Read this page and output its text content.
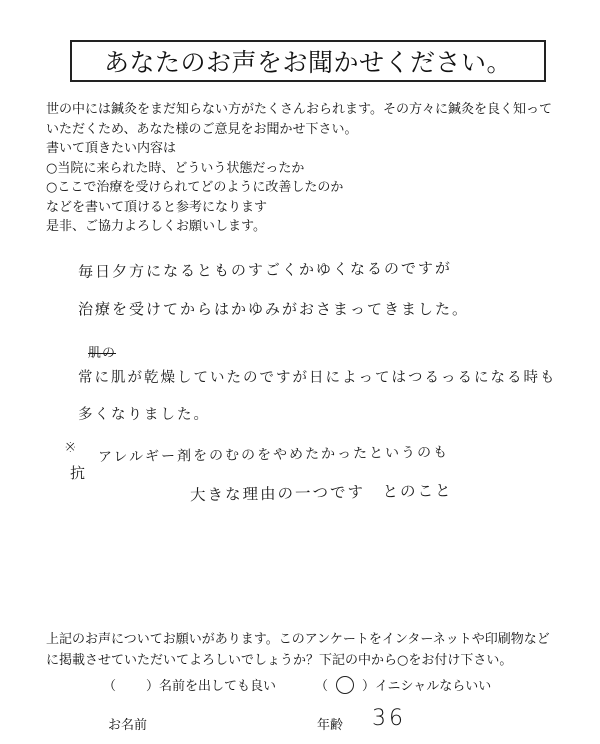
あなたのお声をお聞かせください。
世の中には鍼灸をまだ知らない方がたくさんおられます。その方々に鍼灸を良く知って
いただくため、あなた様のご意見をお聞かせ下さい。
書いて頂きたい内容は
○当院に来られた時、どういう状態だったか
○ここで治療を受けられてどのように改善したのか
などを書いて頂けると参考になります
是非、ご協力よろしくお願いします。
毎日夕方になるとものすごくかゆくなるのですが
治療を受けてからはかゆみがおさまってきました。
肌の
常に肌が乾燥していたのですが日によってはつるっるになる時も
多くなりました。
※
抗
アレルギー剤をのむのをやめたかったというのも
大きな理由の一つです　とのこと
上記のお声についてお願いがあります。このアンケートをインターネットや印刷物など
に掲載させていただいてよろしいでしょうか？下記の中から○をお付け下さい。
（ ）名前を出しても良い	（	）イニシャルならいい
お名前	年齢 36
